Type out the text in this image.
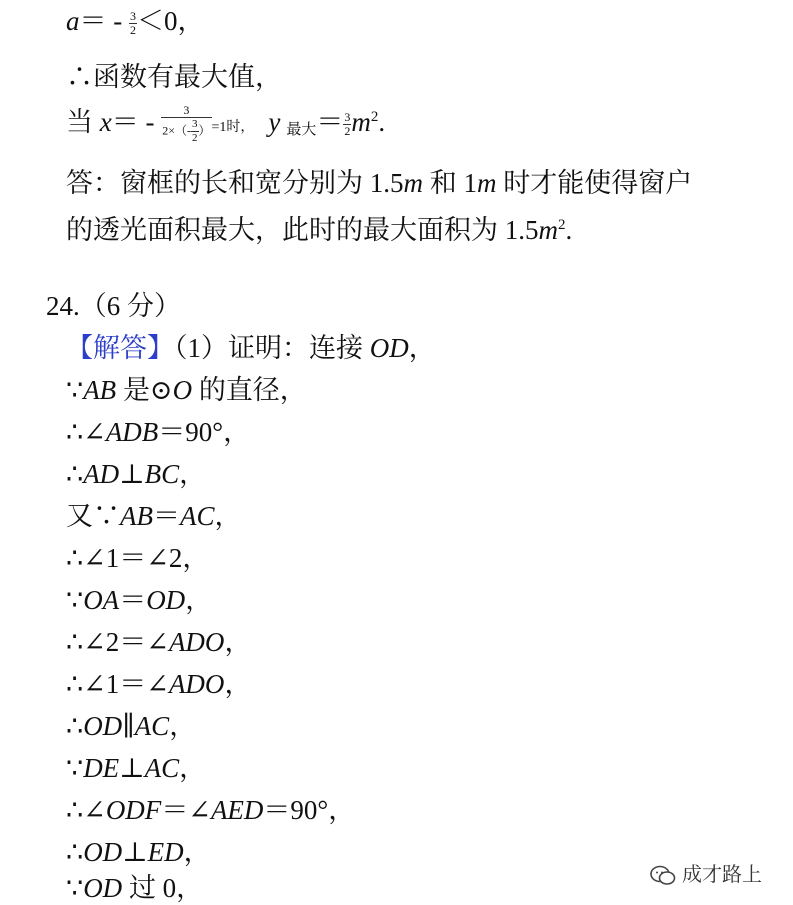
$a= - \frac{3}{2} <0$，
∴函数有最大值，
当 $x= - \frac{3}{2\times(- \frac{3}{2} )} =1$时， y $_{最大}= \frac{3}{2} m^2$.
答：窗框的长和宽分别为 1.5m 和 1m 时才能使得窗户
的透光面积最大，此时的最大面积为 $1.5m^2$.
24.（6 分）
【解答】（1）证明：连接 OD，
∵AB 是⊙O 的直径，
∴∠ADB＝90°，
∴AD⊥BC，
又∵AB＝AC，
∴∠1＝∠2，
∵OA＝OD，
∴∠2＝∠ADO，
∴∠1＝∠ADO，
∴OD∥AC，
∵DE⊥AC，
∴∠ODF＝∠AED＝90°，
∴OD⊥ED，
∵OD 过 0，	成才路上
